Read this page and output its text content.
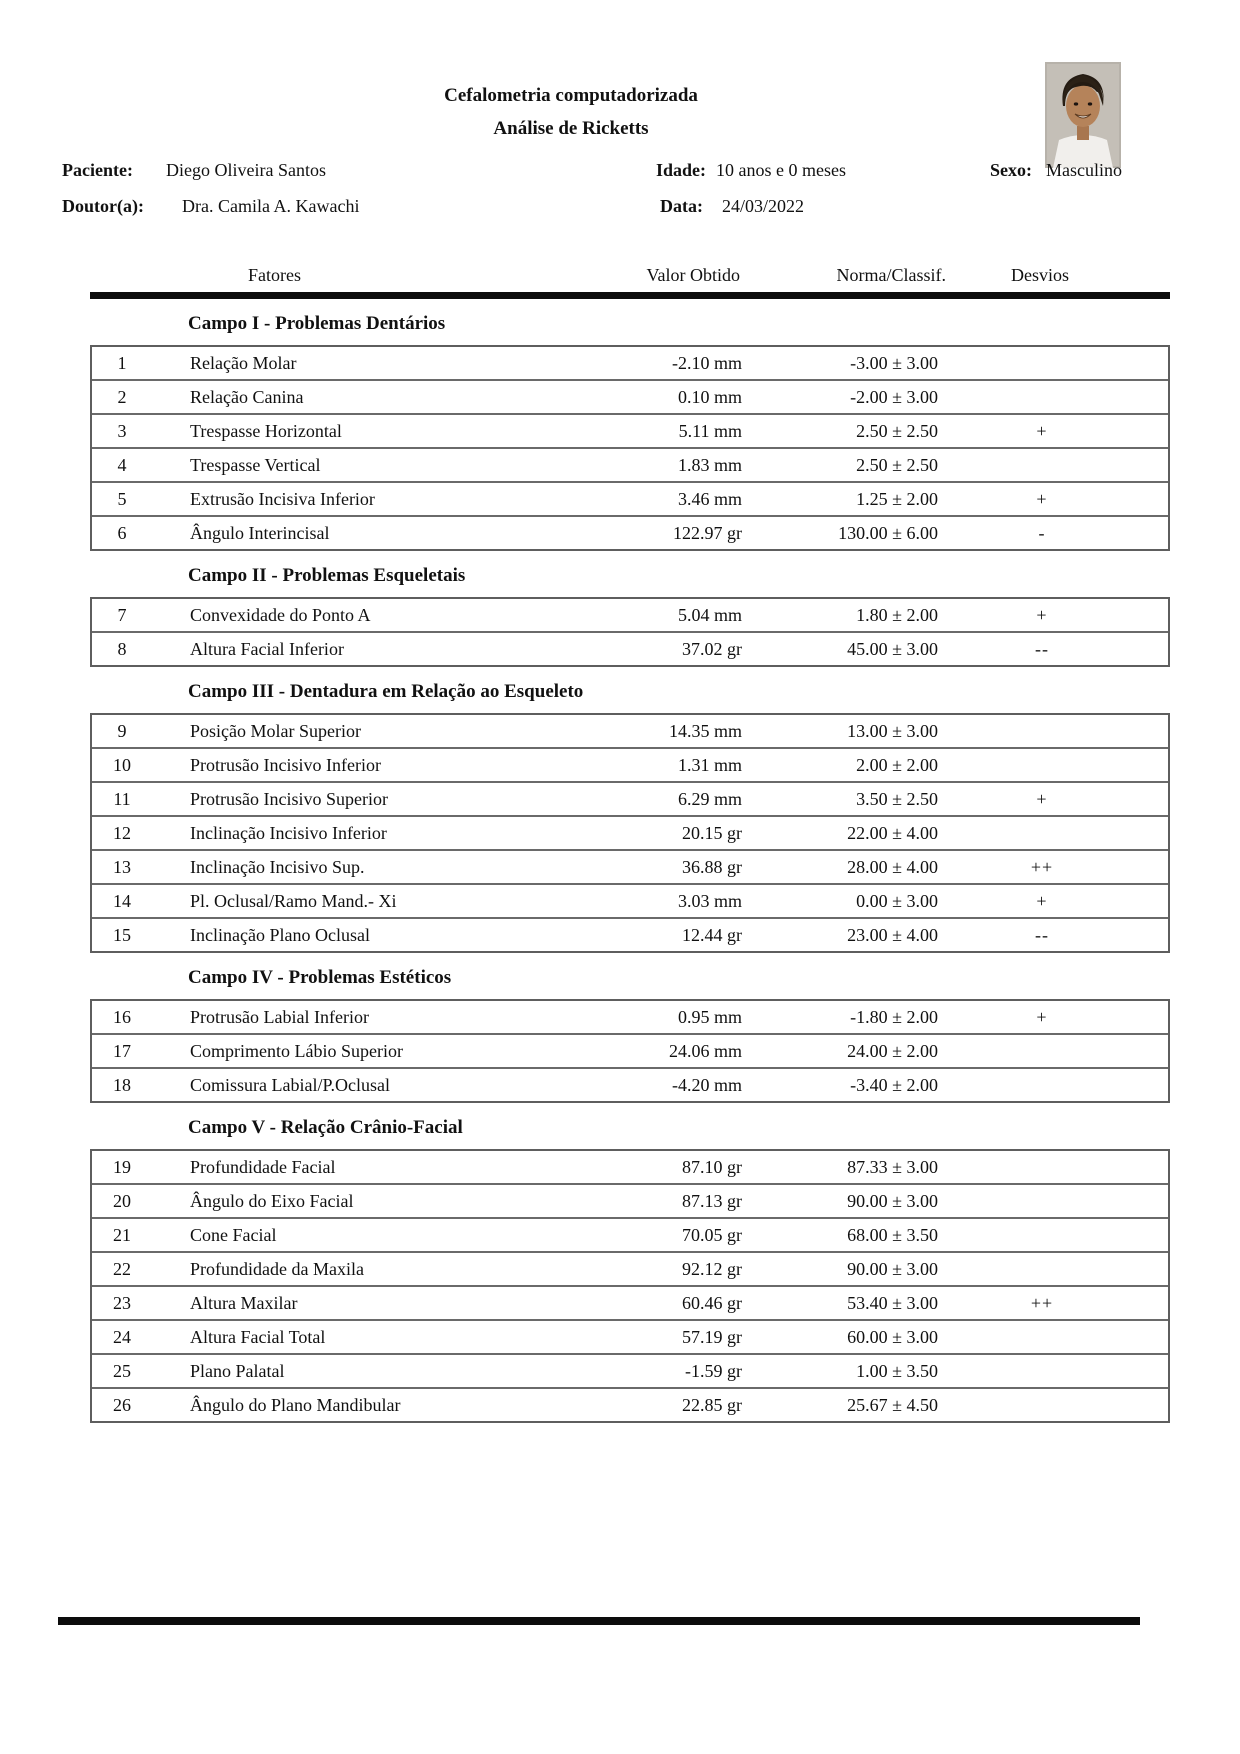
Cefalometria computadorizada
Análise de Ricketts
Paciente: Diego Oliveira Santos	Idade: 10 anos e 0 meses	Sexo: Masculino
Doutor(a): Dra. Camila A. Kawachi	Data: 24/03/2022
Fatores	Valor Obtido	Norma/Classif.	Desvios
Campo I - Problemas Dentários
1	Relação Molar	-2.10 mm	-3.00 ± 3.00
2	Relação Canina	0.10 mm	-2.00 ± 3.00
3	Trespasse Horizontal	5.11 mm	2.50 ± 2.50	+
4	Trespasse Vertical	1.83 mm	2.50 ± 2.50
5	Extrusão Incisiva Inferior	3.46 mm	1.25 ± 2.00	+
6	Ângulo Interincisal	122.97 gr	130.00 ± 6.00	-
Campo II - Problemas Esqueletais
7	Convexidade do Ponto A	5.04 mm	1.80 ± 2.00	+
8	Altura Facial Inferior	37.02 gr	45.00 ± 3.00	--
Campo III - Dentadura em Relação ao Esqueleto
9	Posição Molar Superior	14.35 mm	13.00 ± 3.00
10	Protrusão Incisivo Inferior	1.31 mm	2.00 ± 2.00
11	Protrusão Incisivo Superior	6.29 mm	3.50 ± 2.50	+
12	Inclinação Incisivo Inferior	20.15 gr	22.00 ± 4.00
13	Inclinação Incisivo Sup.	36.88 gr	28.00 ± 4.00	++
14	Pl. Oclusal/Ramo Mand.- Xi	3.03 mm	0.00 ± 3.00	+
15	Inclinação Plano Oclusal	12.44 gr	23.00 ± 4.00	--
Campo IV - Problemas Estéticos
16	Protrusão Labial Inferior	0.95 mm	-1.80 ± 2.00	+
17	Comprimento Lábio Superior	24.06 mm	24.00 ± 2.00
18	Comissura Labial/P.Oclusal	-4.20 mm	-3.40 ± 2.00
Campo V - Relação Crânio-Facial
19	Profundidade Facial	87.10 gr	87.33 ± 3.00
20	Ângulo do Eixo Facial	87.13 gr	90.00 ± 3.00
21	Cone Facial	70.05 gr	68.00 ± 3.50
22	Profundidade da Maxila	92.12 gr	90.00 ± 3.00
23	Altura Maxilar	60.46 gr	53.40 ± 3.00	++
24	Altura Facial Total	57.19 gr	60.00 ± 3.00
25	Plano Palatal	-1.59 gr	1.00 ± 3.50
26	Ângulo do Plano Mandibular	22.85 gr	25.67 ± 4.50
